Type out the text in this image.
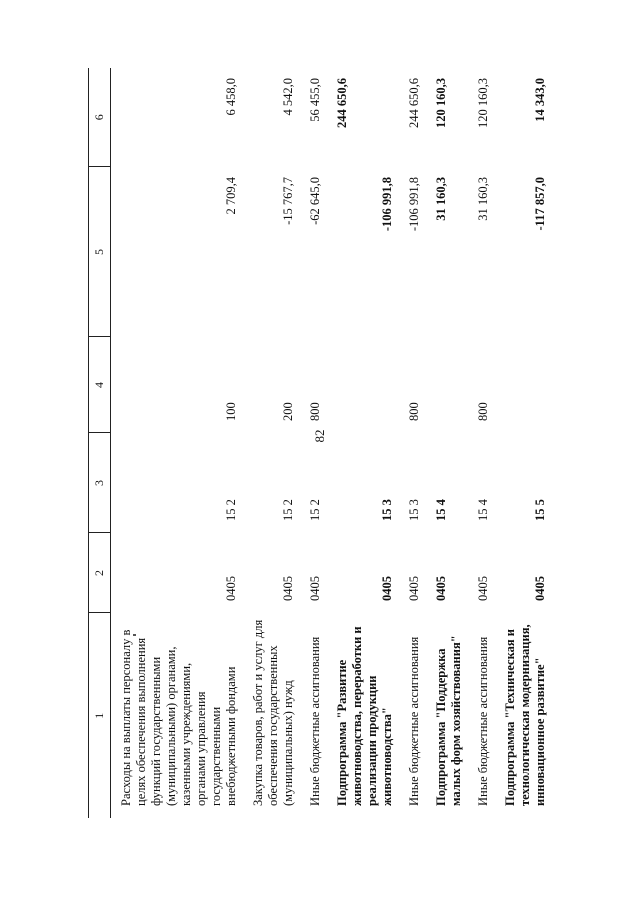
82
1	2	3	4	5	6
Расходы на выплаты персоналу в целях обеспечения выполнения функций государственными (муниципальными) органами, казенными учреждениями, органами управления государственными внебюджетными фондами	0405	15 2	100	2 709,4	6 458,0
Закупка товаров, работ и услуг для обеспечения государственных (муниципальных) нужд	0405	15 2	200	-15 767,7	4 542,0
Иные бюджетные ассигнования	0405	15 2	800	-62 645,0	56 455,0
Подпрограмма "Развитие животноводства, переработки и реализации продукции животноводства"	0405	15 3		-106 991,8	244 650,6
Иные бюджетные ассигнования	0405	15 3	800	-106 991,8	244 650,6
Подпрограмма "Поддержка малых форм хозяйствования"	0405	15 4		31 160,3	120 160,3
Иные бюджетные ассигнования	0405	15 4	800	31 160,3	120 160,3
Подпрограмма "Техническая и технологическая модернизация, инновационное развитие"	0405	15 5		-117 857,0	14 343,0
